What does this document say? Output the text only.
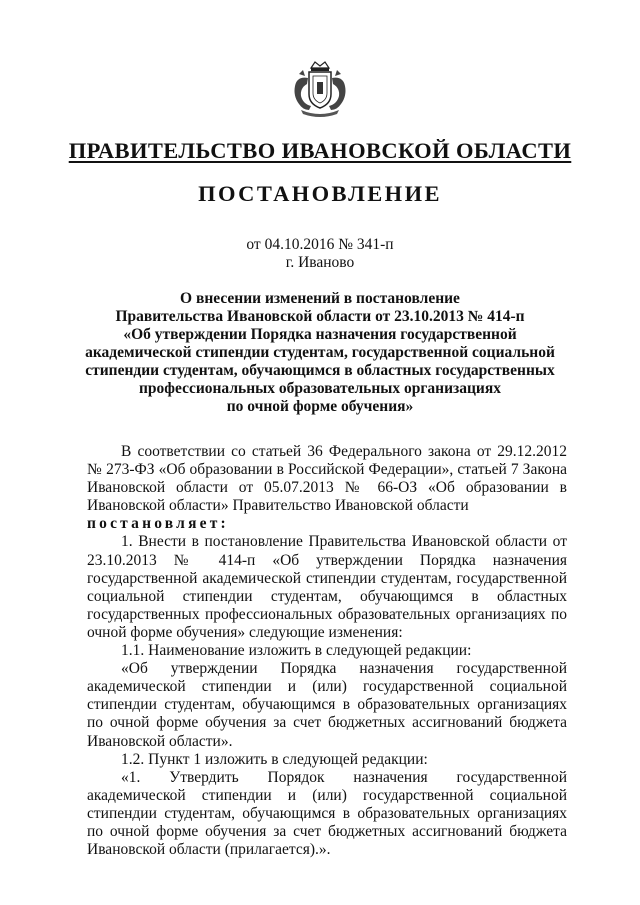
ПРАВИТЕЛЬСТВО ИВАНОВСКОЙ ОБЛАСТИ
ПОСТАНОВЛЕНИЕ
от 04.10.2016 № 341-п
г. Иваново
О внесении изменений в постановление
Правительства Ивановской области от 23.10.2013 № 414-п
«Об утверждении Порядка назначения государственной
академической стипендии студентам, государственной социальной
стипендии студентам, обучающимся в областных государственных
профессиональных образовательных организациях
по очной форме обучения»

В соответствии со статьей 36 Федерального закона от 29.12.2012 № 273-ФЗ «Об образовании в Российской Федерации», статьей 7 Закона Ивановской области от 05.07.2013 № 66-ОЗ «Об образовании в Ивановской области» Правительство Ивановской области

постановляет:

1. Внести в постановление Правительства Ивановской области от 23.10.2013 № 414-п «Об утверждении Порядка назначения государственной академической стипендии студентам, государственной социальной стипендии студентам, обучающимся в областных государственных профессиональных образовательных организациях по очной форме обучения» следующие изменения:

1.1. Наименование изложить в следующей редакции:

«Об утверждении Порядка назначения государственной академической стипендии и (или) государственной социальной стипендии студентам, обучающимся в образовательных организациях по очной форме обучения за счет бюджетных ассигнований бюджета Ивановской области».

1.2. Пункт 1 изложить в следующей редакции:

«1. Утвердить Порядок назначения государственной академической стипендии и (или) государственной социальной стипендии студентам, обучающимся в образовательных организациях по очной форме обучения за счет бюджетных ассигнований бюджета Ивановской области (прилагается).».
